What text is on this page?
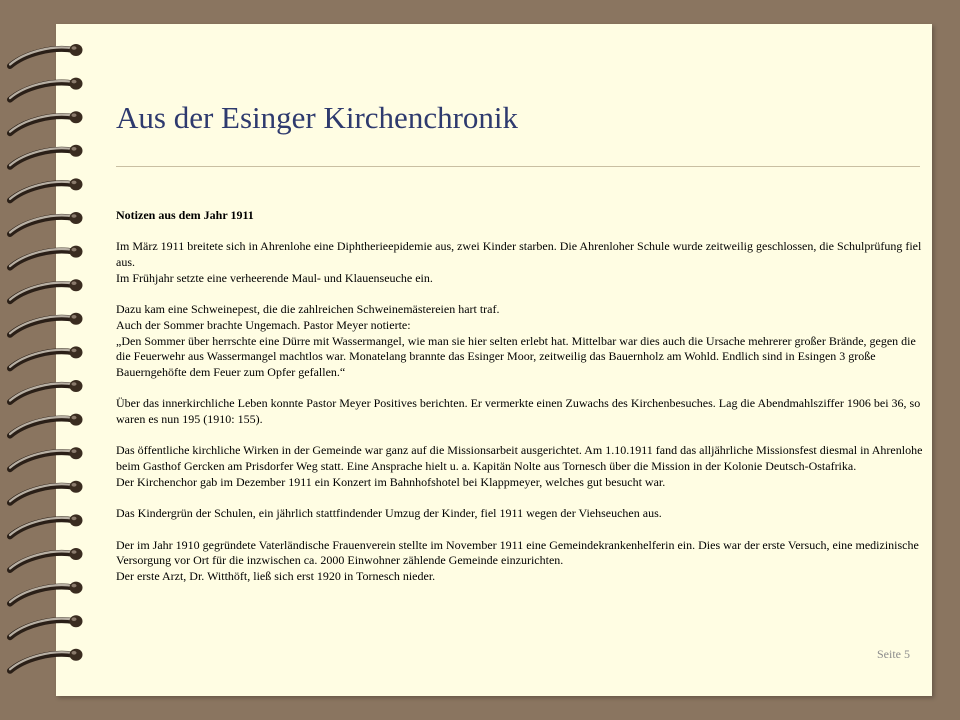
Aus der Esinger Kirchenchronik

Notizen aus dem Jahr 1911

Im März 1911 breitete sich in Ahrenlohe eine Diphtherieepidemie aus, zwei Kinder starben. Die Ahrenloher Schule wurde zeitweilig geschlossen, die Schulprüfung fiel aus.

Im Frühjahr setzte eine verheerende Maul- und Klauenseuche ein.

Dazu kam eine Schweinepest, die die zahlreichen Schweinemästereien hart traf.

Auch der Sommer brachte Ungemach. Pastor Meyer notierte:

„Den Sommer über herrschte eine Dürre mit Wassermangel, wie man sie hier selten erlebt hat. Mittelbar war dies auch die Ursache mehrerer großer Brände, gegen die die Feuerwehr aus Wassermangel machtlos war. Monatelang brannte das Esinger Moor, zeitweilig das Bauernholz am Wohld. Endlich sind in Esingen 3 große Bauerngehöfte dem Feuer zum Opfer gefallen.“

Über das innerkirchliche Leben konnte Pastor Meyer Positives berichten. Er vermerkte einen Zuwachs des Kirchenbesuches. Lag die Abendmahlsziffer 1906 bei 36, so waren es nun 195 (1910: 155).

Das öffentliche kirchliche Wirken in der Gemeinde war ganz auf die Missionsarbeit ausgerichtet. Am 1.10.1911 fand das alljährliche Missionsfest diesmal in Ahrenlohe beim Gasthof Gercken am Prisdorfer Weg statt. Eine Ansprache hielt u. a. Kapitän Nolte aus Tornesch über die Mission in der Kolonie Deutsch-Ostafrika.

Der Kirchenchor gab im Dezember 1911 ein Konzert im Bahnhofshotel bei Klappmeyer, welches gut besucht war.

Das Kindergrün der Schulen, ein jährlich stattfindender Umzug der Kinder, fiel 1911 wegen der Viehseuchen aus.

Der im Jahr 1910 gegründete Vaterländische Frauenverein stellte im November 1911 eine Gemeindekrankenhelferin ein. Dies war der erste Versuch, eine medizinische Versorgung vor Ort für die inzwischen ca. 2000 Einwohner zählende Gemeinde einzurichten.

Der erste Arzt, Dr. Witthöft, ließ sich erst 1920 in Tornesch nieder.

Seite 5
